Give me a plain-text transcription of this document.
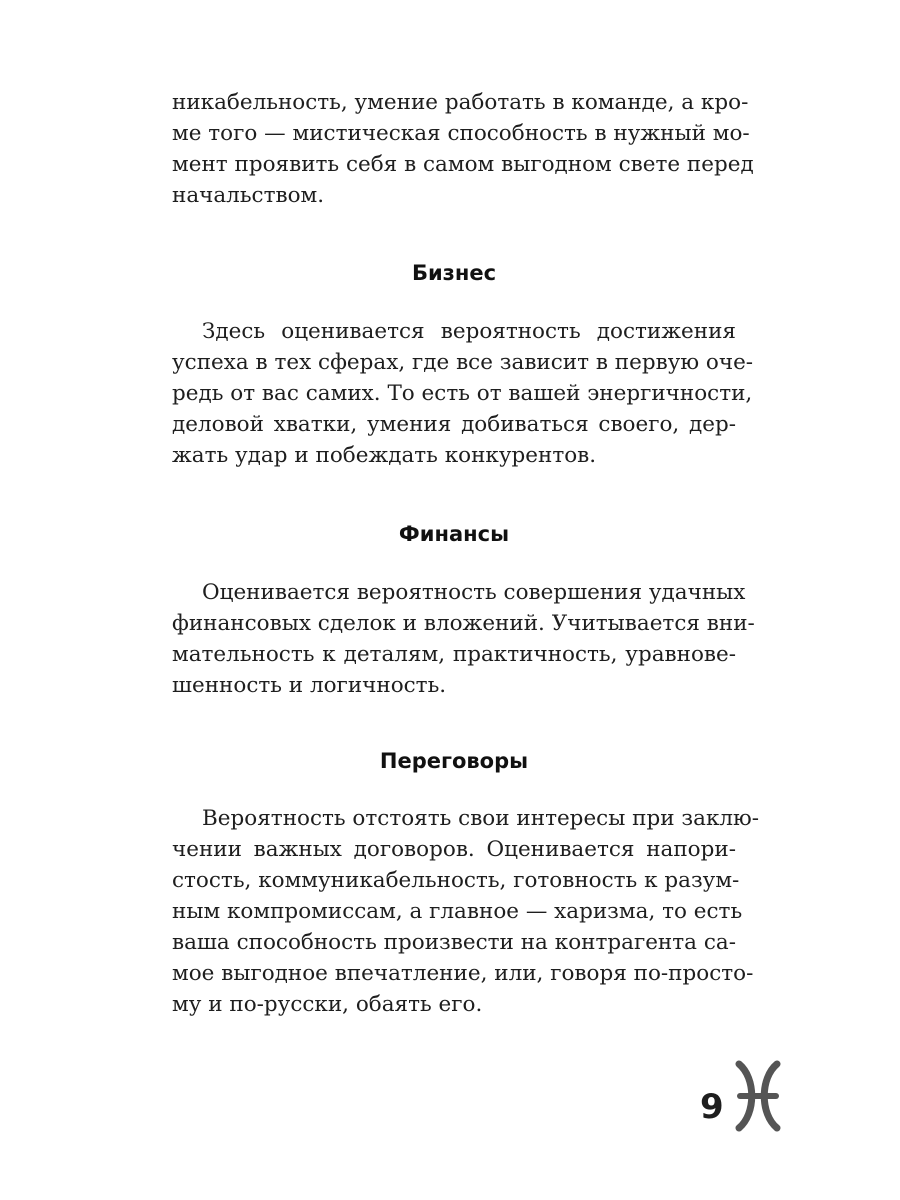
никабельность, умение работать в команде, а кро-
ме того — мистическая способность в нужный мо-
мент проявить себя в самом выгодном свете перед
начальством.

Бизнес

Здесь оценивается вероятность достижения
успеха в тех сферах, где все зависит в первую оче-
редь от вас самих. То есть от вашей энергичности,
деловой хватки, умения добиваться своего, дер-
жать удар и побеждать конкурентов.

Финансы

Оценивается вероятность совершения удачных
финансовых сделок и вложений. Учитывается вни-
мательность к деталям, практичность, уравнове-
шенность и логичность.

Переговоры

Вероятность отстоять свои интересы при заклю-
чении важных договоров. Оценивается напори-
стость, коммуникабельность, готовность к разум-
ным компромиссам, а главное — харизма, то есть
ваша способность произвести на контрагента са-
мое выгодное впечатление, или, говоря по-просто-
му и по-русски, обаять его.

9
